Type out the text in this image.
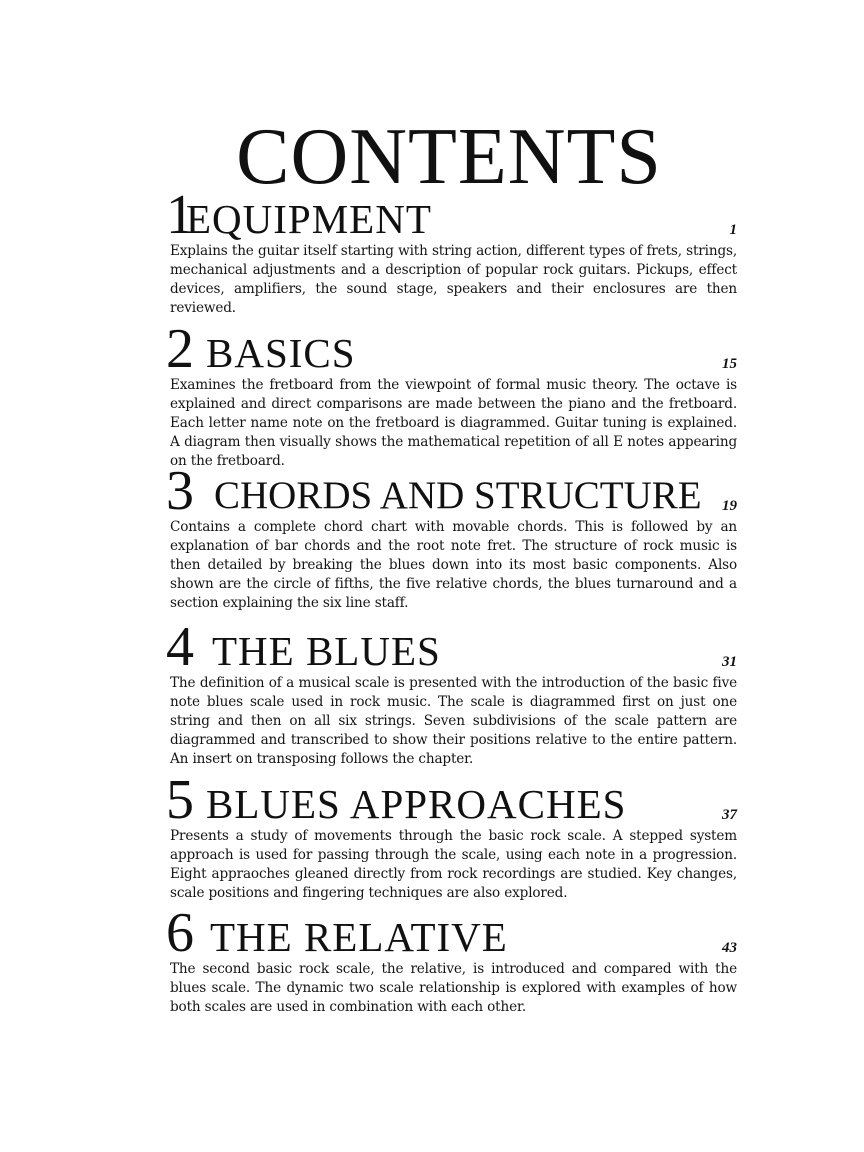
CONTENTS
1
EQUIPMENT	1

Explains the guitar itself starting with string action, different types of frets, strings, mechanical adjustments and a description of popular rock guitars. Pickups, effect devices, amplifiers, the sound stage, speakers and their enclosures are then reviewed.

2 BASICS	15

Examines the fretboard from the viewpoint of formal music theory. The octave is explained and direct comparisons are made between the piano and the fretboard. Each letter name note on the fretboard is diagrammed. Guitar tuning is explained. A diagram then visually shows the mathematical repetition of all E notes appearing on the fretboard.

3 CHORDS AND STRUCTURE 19

Contains a complete chord chart with movable chords. This is followed by an explanation of bar chords and the root note fret. The structure of rock music is then detailed by breaking the blues down into its most basic components. Also shown are the circle of fifths, the five relative chords, the blues turnaround and a section explaining the six line staff.

4 THE BLUES	31

The definition of a musical scale is presented with the introduction of the basic five note blues scale used in rock music. The scale is diagrammed first on just one string and then on all six strings. Seven subdivisions of the scale pattern are diagrammed and transcribed to show their positions relative to the entire pattern. An insert on transposing follows the chapter.

5 BLUES APPROACHES	37

Presents a study of movements through the basic rock scale. A stepped system approach is used for passing through the scale, using each note in a progression. Eight appraoches gleaned directly from rock recordings are studied. Key changes, scale positions and fingering techniques are also explored.

6 THE RELATIVE	43

The second basic rock scale, the relative, is introduced and compared with the blues scale. The dynamic two scale relationship is explored with examples of how both scales are used in combination with each other.
